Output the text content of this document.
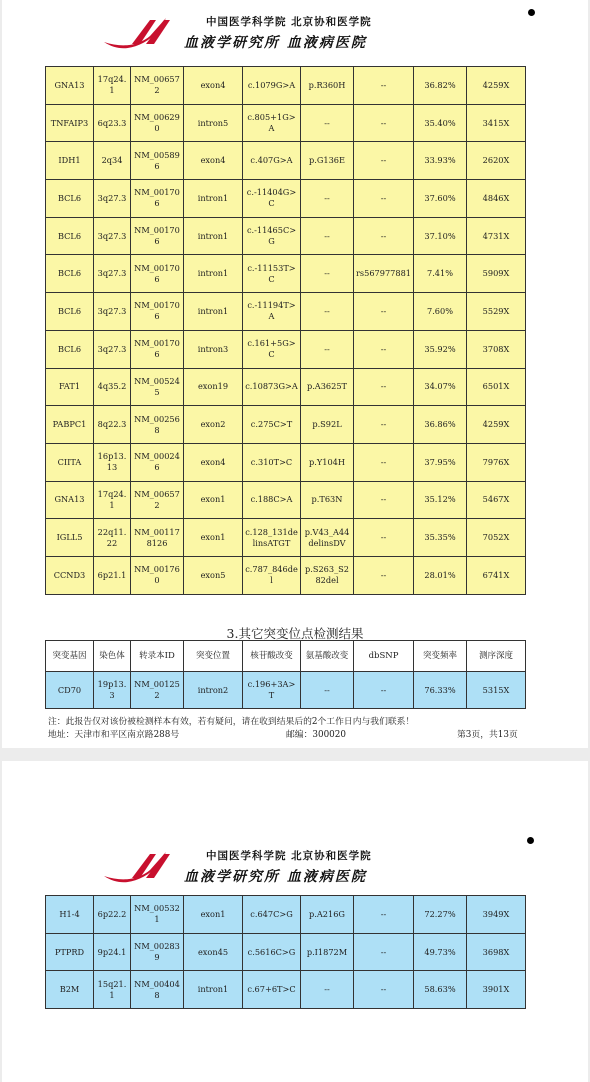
中国医学科学院 北京协和医学院
血液学研究所 血液病医院
GNA13	17q24.1	NM_006572	exon4	c.1079G>A	p.R360H	--	36.82%	4259X
TNFAIP3	6q23.3	NM_006290	intron5	c.805+1G>A	--	--	35.40%	3415X
IDH1	2q34	NM_005896	exon4	c.407G>A	p.G136E	--	33.93%	2620X
BCL6	3q27.3	NM_001706	intron1	c.-11404G>C	--	--	37.60%	4846X
BCL6	3q27.3	NM_001706	intron1	c.-11465C>G	--	--	37.10%	4731X
BCL6	3q27.3	NM_001706	intron1	c.-11153T>C	--	rs567977881	7.41%	5909X
BCL6	3q27.3	NM_001706	intron1	c.-11194T>A	--	--	7.60%	5529X
BCL6	3q27.3	NM_001706	intron3	c.161+5G>C	--	--	35.92%	3708X
FAT1	4q35.2	NM_005245	exon19	c.10873G>A	p.A3625T	--	34.07%	6501X
PABPC1	8q22.3	NM_002568	exon2	c.275C>T	p.S92L	--	36.86%	4259X
CIITA	16p13.13	NM_000246	exon4	c.310T>C	p.Y104H	--	37.95%	7976X
GNA13	17q24.1	NM_006572	exon1	c.188C>A	p.T63N	--	35.12%	5467X
IGLL5	22q11.22	NM_001178126	exon1	c.128_131delinsATGT	p.V43_A44delinsDV	--	35.35%	7052X
CCND3	6p21.1	NM_001760	exon5	c.787_846del	p.S263_S282del	--	28.01%	6741X
3.其它突变位点检测结果
突变基因	染色体	转录本ID	突变位置	核苷酸改变	氨基酸改变	dbSNP	突变频率	测序深度
CD70	19p13.3	NM_001252	intron2	c.196+3A>T	--	--	76.33%	5315X
注：此报告仅对该份被检测样本有效，若有疑问，请在收到结果后的2个工作日内与我们联系！
地址：天津市和平区南京路288号	邮编：300020	第3页，共13页
中国医学科学院 北京协和医学院
血液学研究所 血液病医院
H1-4	6p22.2	NM_005321	exon1	c.647C>G	p.A216G	--	72.27%	3949X
PTPRD	9p24.1	NM_002839	exon45	c.5616C>G	p.I1872M	--	49.73%	3698X
B2M	15q21.1	NM_004048	intron1	c.67+6T>C	--	--	58.63%	3901X
